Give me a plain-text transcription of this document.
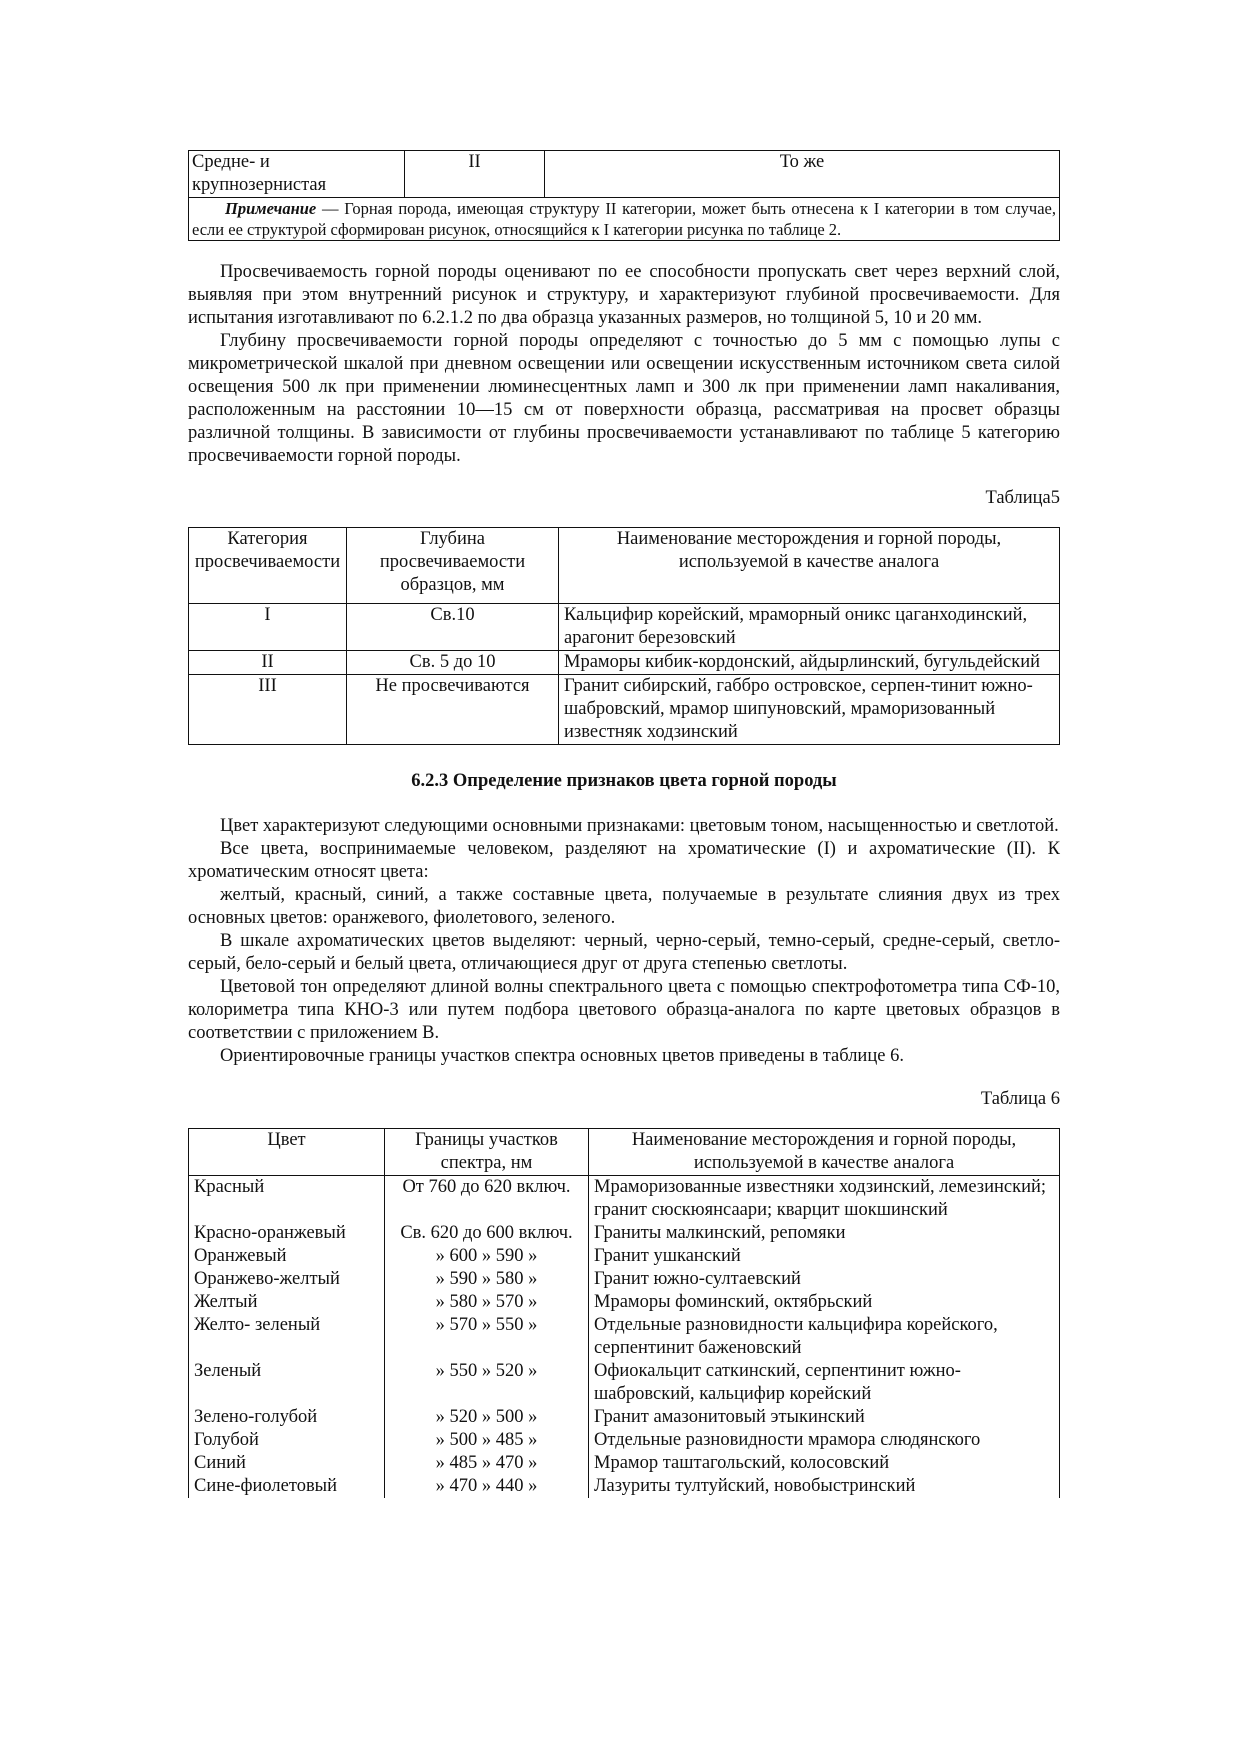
Средне- и крупнозернистая	II	То же

Примечание — Горная порода, имеющая структуру II категории, может быть отнесена к I категории в том случае, если ее структурой сформирован рисунок, относящийся к I категории рисунка по таблице 2.

Просвечиваемость горной породы оценивают по ее способности пропускать свет через верхний слой, выявляя при этом внутренний рисунок и структуру, и характеризуют глубиной просвечиваемости. Для испытания изготавливают по 6.2.1.2 по два образца указанных размеров, но толщиной 5, 10 и 20 мм.

Глубину просвечиваемости горной породы определяют с точностью до 5 мм с помощью лупы с микрометрической шкалой при дневном освещении или освещении искусственным источником света силой освещения 500 лк при применении люминесцентных ламп и 300 лк при применении ламп накаливания, расположенным на расстоянии 10—15 см от поверхности образца, рассматривая на просвет образцы различной толщины. В зависимости от глубины просвечиваемости устанавливают по таблице 5 категорию просвечиваемости горной породы.

Таблица5

Категория просвечиваемости	Глубина просвечиваемости образцов, мм	Наименование месторождения и горной породы, используемой в качестве аналога
I	Св.10	Кальцифир корейский, мраморный оникс цаганходинский, арагонит березовский
II	Св. 5 до 10	Мраморы кибик-кордонский, айдырлинский, бугульдейский
III	Не просвечиваются	Гранит сибирский, габбро островское, серпен-тинит южно-шабровский, мрамор шипуновский, мраморизованный известняк ходзинский

6.2.3 Определение признаков цвета горной породы

Цвет характеризуют следующими основными признаками: цветовым тоном, насыщенностью и светлотой.

Все цвета, воспринимаемые человеком, разделяют на хроматические (I) и ахроматические (II). К хроматическим относят цвета:

желтый, красный, синий, а также составные цвета, получаемые в результате слияния двух из трех основных цветов: оранжевого, фиолетового, зеленого.

В шкале ахроматических цветов выделяют: черный, черно-серый, темно-серый, средне-серый, светло-серый, бело-серый и белый цвета, отличающиеся друг от друга степенью светлоты.

Цветовой тон определяют длиной волны спектрального цвета с помощью спектрофотометра типа СФ-10, колориметра типа КНО-3 или путем подбора цветового образца-аналога по карте цветовых образцов в соответствии с приложением В.

Ориентировочные границы участков спектра основных цветов приведены в таблице 6.

Таблица 6

Цвет	Границы участков спектра, нм	Наименование месторождения и горной породы, используемой в качестве аналога
Красный	От 760 до 620 включ.	Мраморизованные известняки ходзинский, лемезинский; гранит сюскюянсаари; кварцит шокшинский
Красно-оранжевый	Св. 620 до 600 включ.	Граниты малкинский, репомяки
Оранжевый	» 600 » 590 »	Гранит ушканский
Оранжево-желтый	» 590 » 580 »	Гранит южно-султаевский
Желтый	» 580 » 570 »	Мраморы фоминский, октябрьский
Желто- зеленый	» 570 » 550 »	Отдельные разновидности кальцифира корейского, серпентинит баженовский
Зеленый	» 550 » 520 »	Офиокальцит саткинский, серпентинит южно-шабровский, кальцифир корейский
Зелено-голубой	» 520 » 500 »	Гранит амазонитовый этыкинский
Голубой	» 500 » 485 »	Отдельные разновидности мрамора слюдянского
Синий	» 485 » 470 »	Мрамор таштагольский, колосовский
Сине-фиолетовый	» 470 » 440 »	Лазуриты тултуйский, новобыстринский
